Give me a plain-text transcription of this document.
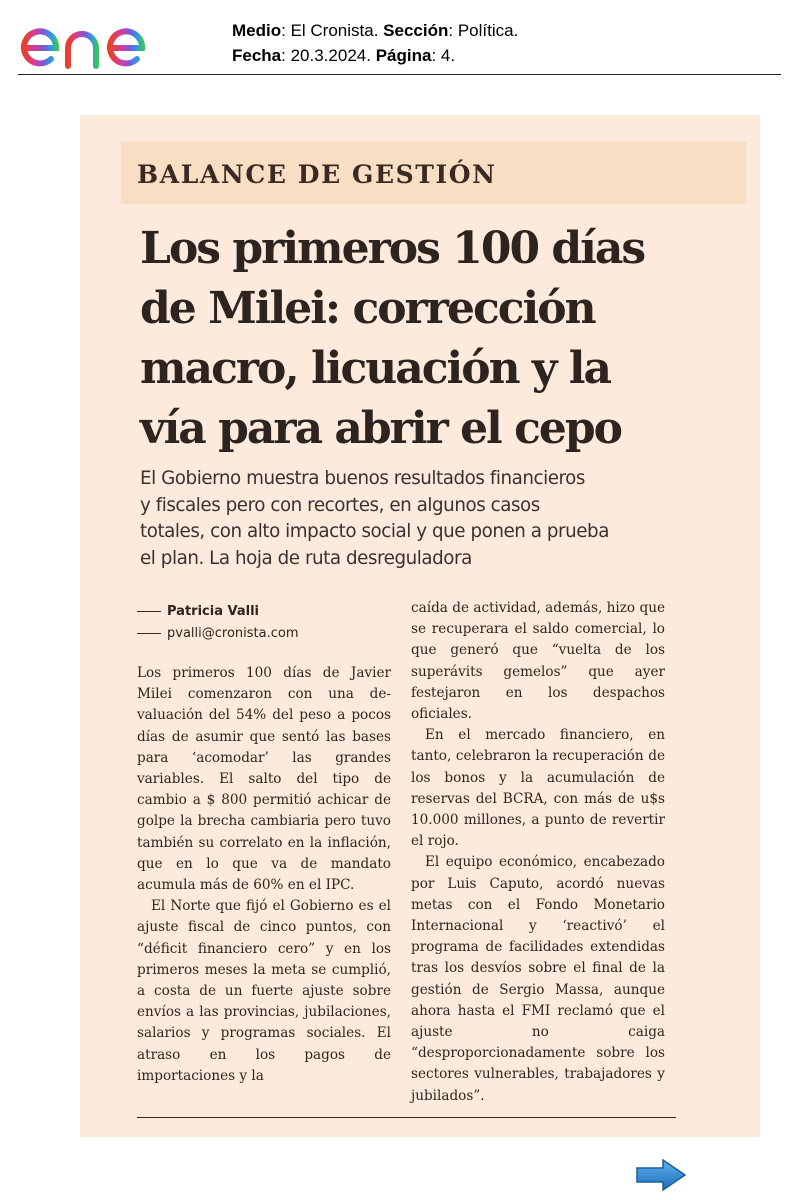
Medio: El Cronista. Sección: Política.
Fecha: 20.3.2024. Página: 4.
BALANCE DE GESTIÓN
Los primeros 100 días
de Milei: corrección
macro, licuación y la
vía para abrir el cepo
El Gobierno muestra buenos resultados financieros
y fiscales pero con recortes, en algunos casos
totales, con alto impacto social y que ponen a prueba
el plan. La hoja de ruta desreguladora
Patricia Valli
pvalli@cronista.com

Los primeros 100 días de Javier Milei comenzaron con una devaluación del 54% del peso a pocos días de asumir que sentó las bases para ‘acomodar’ las grandes variables. El salto del tipo de cambio a $ 800 permitió achicar de golpe la brecha cambiaria pero tuvo también su correlato en la inflación, que en lo que va de mandato acumula más de 60% en el IPC.

El Norte que fijó el Gobierno es el ajuste fiscal de cinco puntos, con “déficit financiero cero” y en los primeros meses la meta se cumplió, a costa de un fuerte ajuste sobre envíos a las provincias, jubilaciones, salarios y programas sociales. El atraso en los pagos de importaciones y la

caída de actividad, además, hizo que se recuperara el saldo comercial, lo que generó que “vuelta de los superávits gemelos” que ayer festejaron en los despachos oficiales.

En el mercado financiero, en tanto, celebraron la recuperación de los bonos y la acumulación de reservas del BCRA, con más de u$s 10.000 millones, a punto de revertir el rojo.

El equipo económico, encabezado por Luis Caputo, acordó nuevas metas con el Fondo Monetario Internacional y ‘reactivó’ el programa de facilidades extendidas tras los desvíos sobre el final de la gestión de Sergio Massa, aunque ahora hasta el FMI reclamó que el ajuste no caiga “desproporcionadamente sobre los sectores vulnerables, trabajadores y jubilados”.
